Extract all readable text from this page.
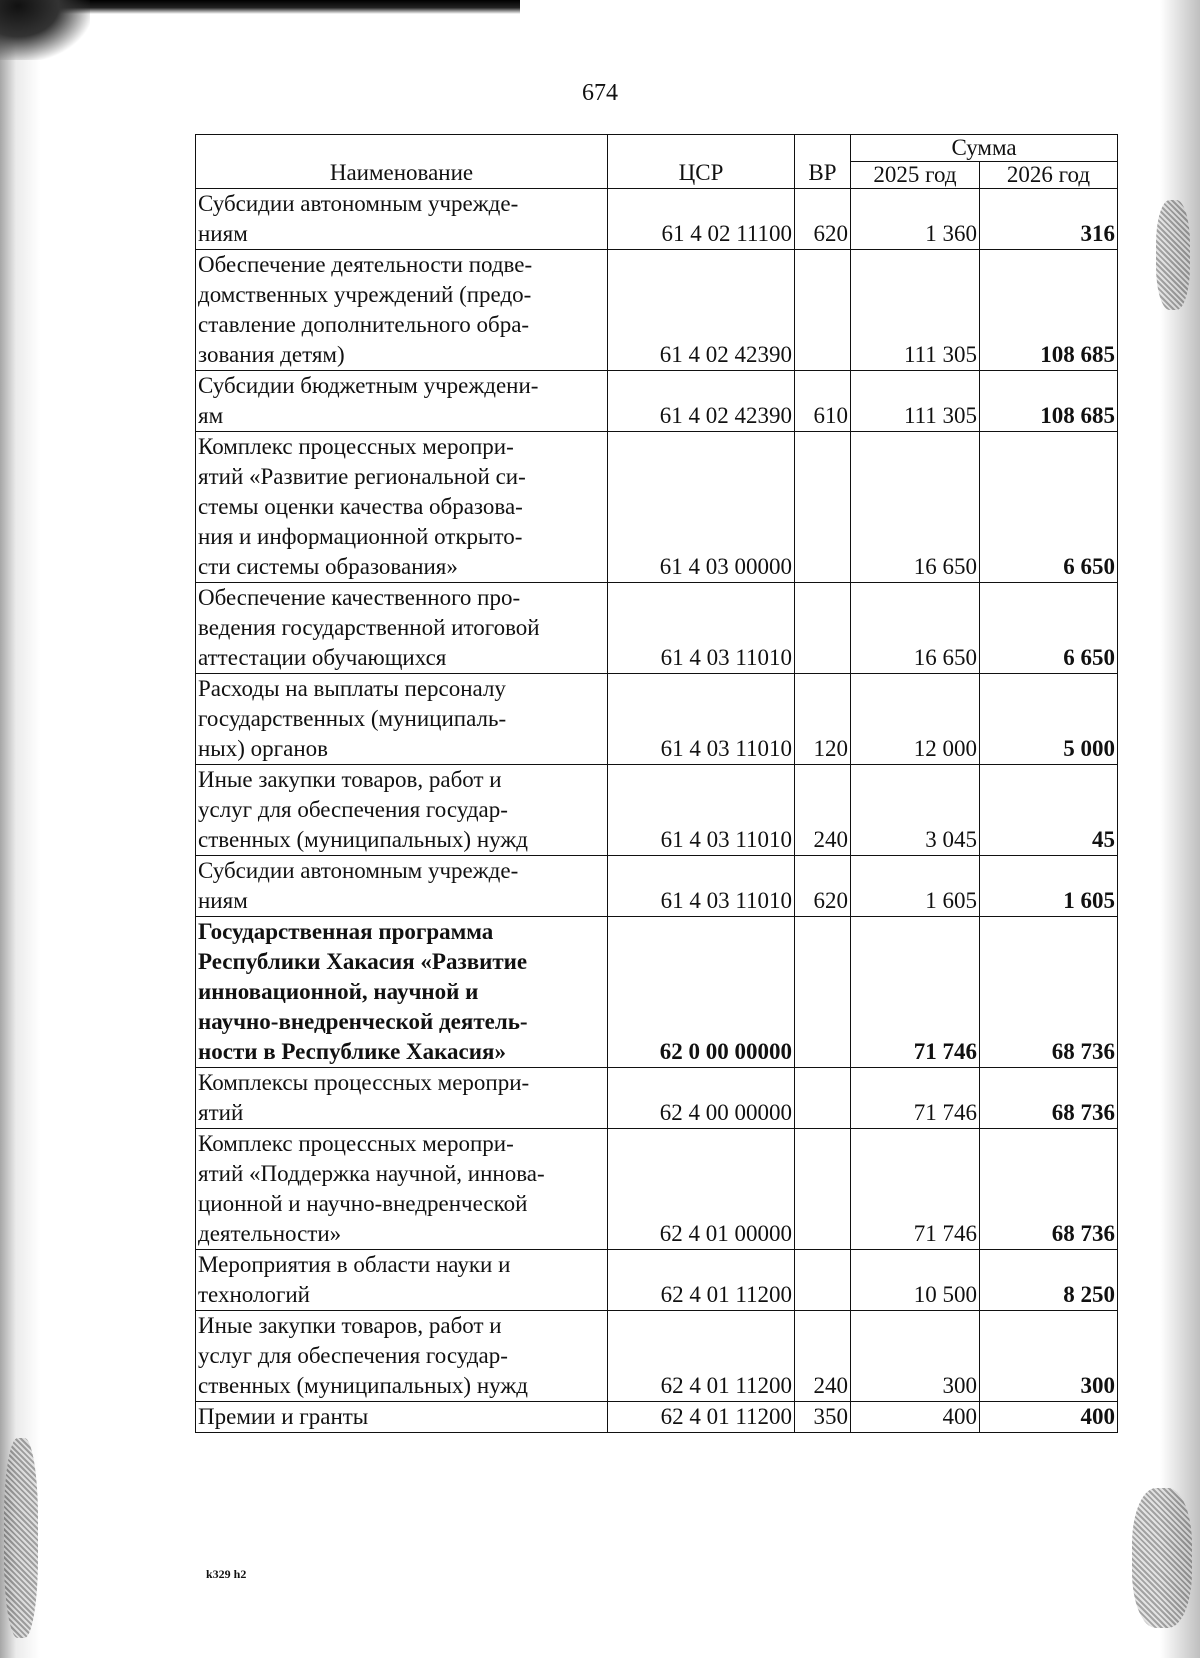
674
Наименование	ЦСР	ВР	Сумма	
			2025 год	2026 год
Субсидии автономным учрежде-
ниям	61 4 02 11100	620	1 360	316
Обеспечение деятельности подве-
домственных учреждений (предо-
ставление дополнительного обра-
зования детям)	61 4 02 42390		111 305	108 685
Субсидии бюджетным учреждени-
ям	61 4 02 42390	610	111 305	108 685
Комплекс процессных меропри-
ятий «Развитие региональной си-
стемы оценки качества образова-
ния и информационной открыто-
сти системы образования»	61 4 03 00000		16 650	6 650
Обеспечение качественного про-
ведения государственной итоговой
аттестации обучающихся	61 4 03 11010		16 650	6 650
Расходы на выплаты персоналу
государственных (муниципаль-
ных) органов	61 4 03 11010	120	12 000	5 000
Иные закупки товаров, работ и
услуг для обеспечения государ-
ственных (муниципальных) нужд	61 4 03 11010	240	3 045	45
Субсидии автономным учрежде-
ниям	61 4 03 11010	620	1 605	1 605
Государственная программа
Республики Хакасия «Развитие
инновационной, научной и
научно-внедренческой деятель-
ности в Республике Хакасия»	62 0 00 00000		71 746	68 736
Комплексы процессных меропри-
ятий	62 4 00 00000		71 746	68 736
Комплекс процессных меропри-
ятий «Поддержка научной, иннова-
ционной и научно-внедренческой
деятельности»	62 4 01 00000		71 746	68 736
Мероприятия в области науки и
технологий	62 4 01 11200		10 500	8 250
Иные закупки товаров, работ и
услуг для обеспечения государ-
ственных (муниципальных) нужд	62 4 01 11200	240	300	300
Премии и гранты	62 4 01 11200	350	400	400
k329 h2
